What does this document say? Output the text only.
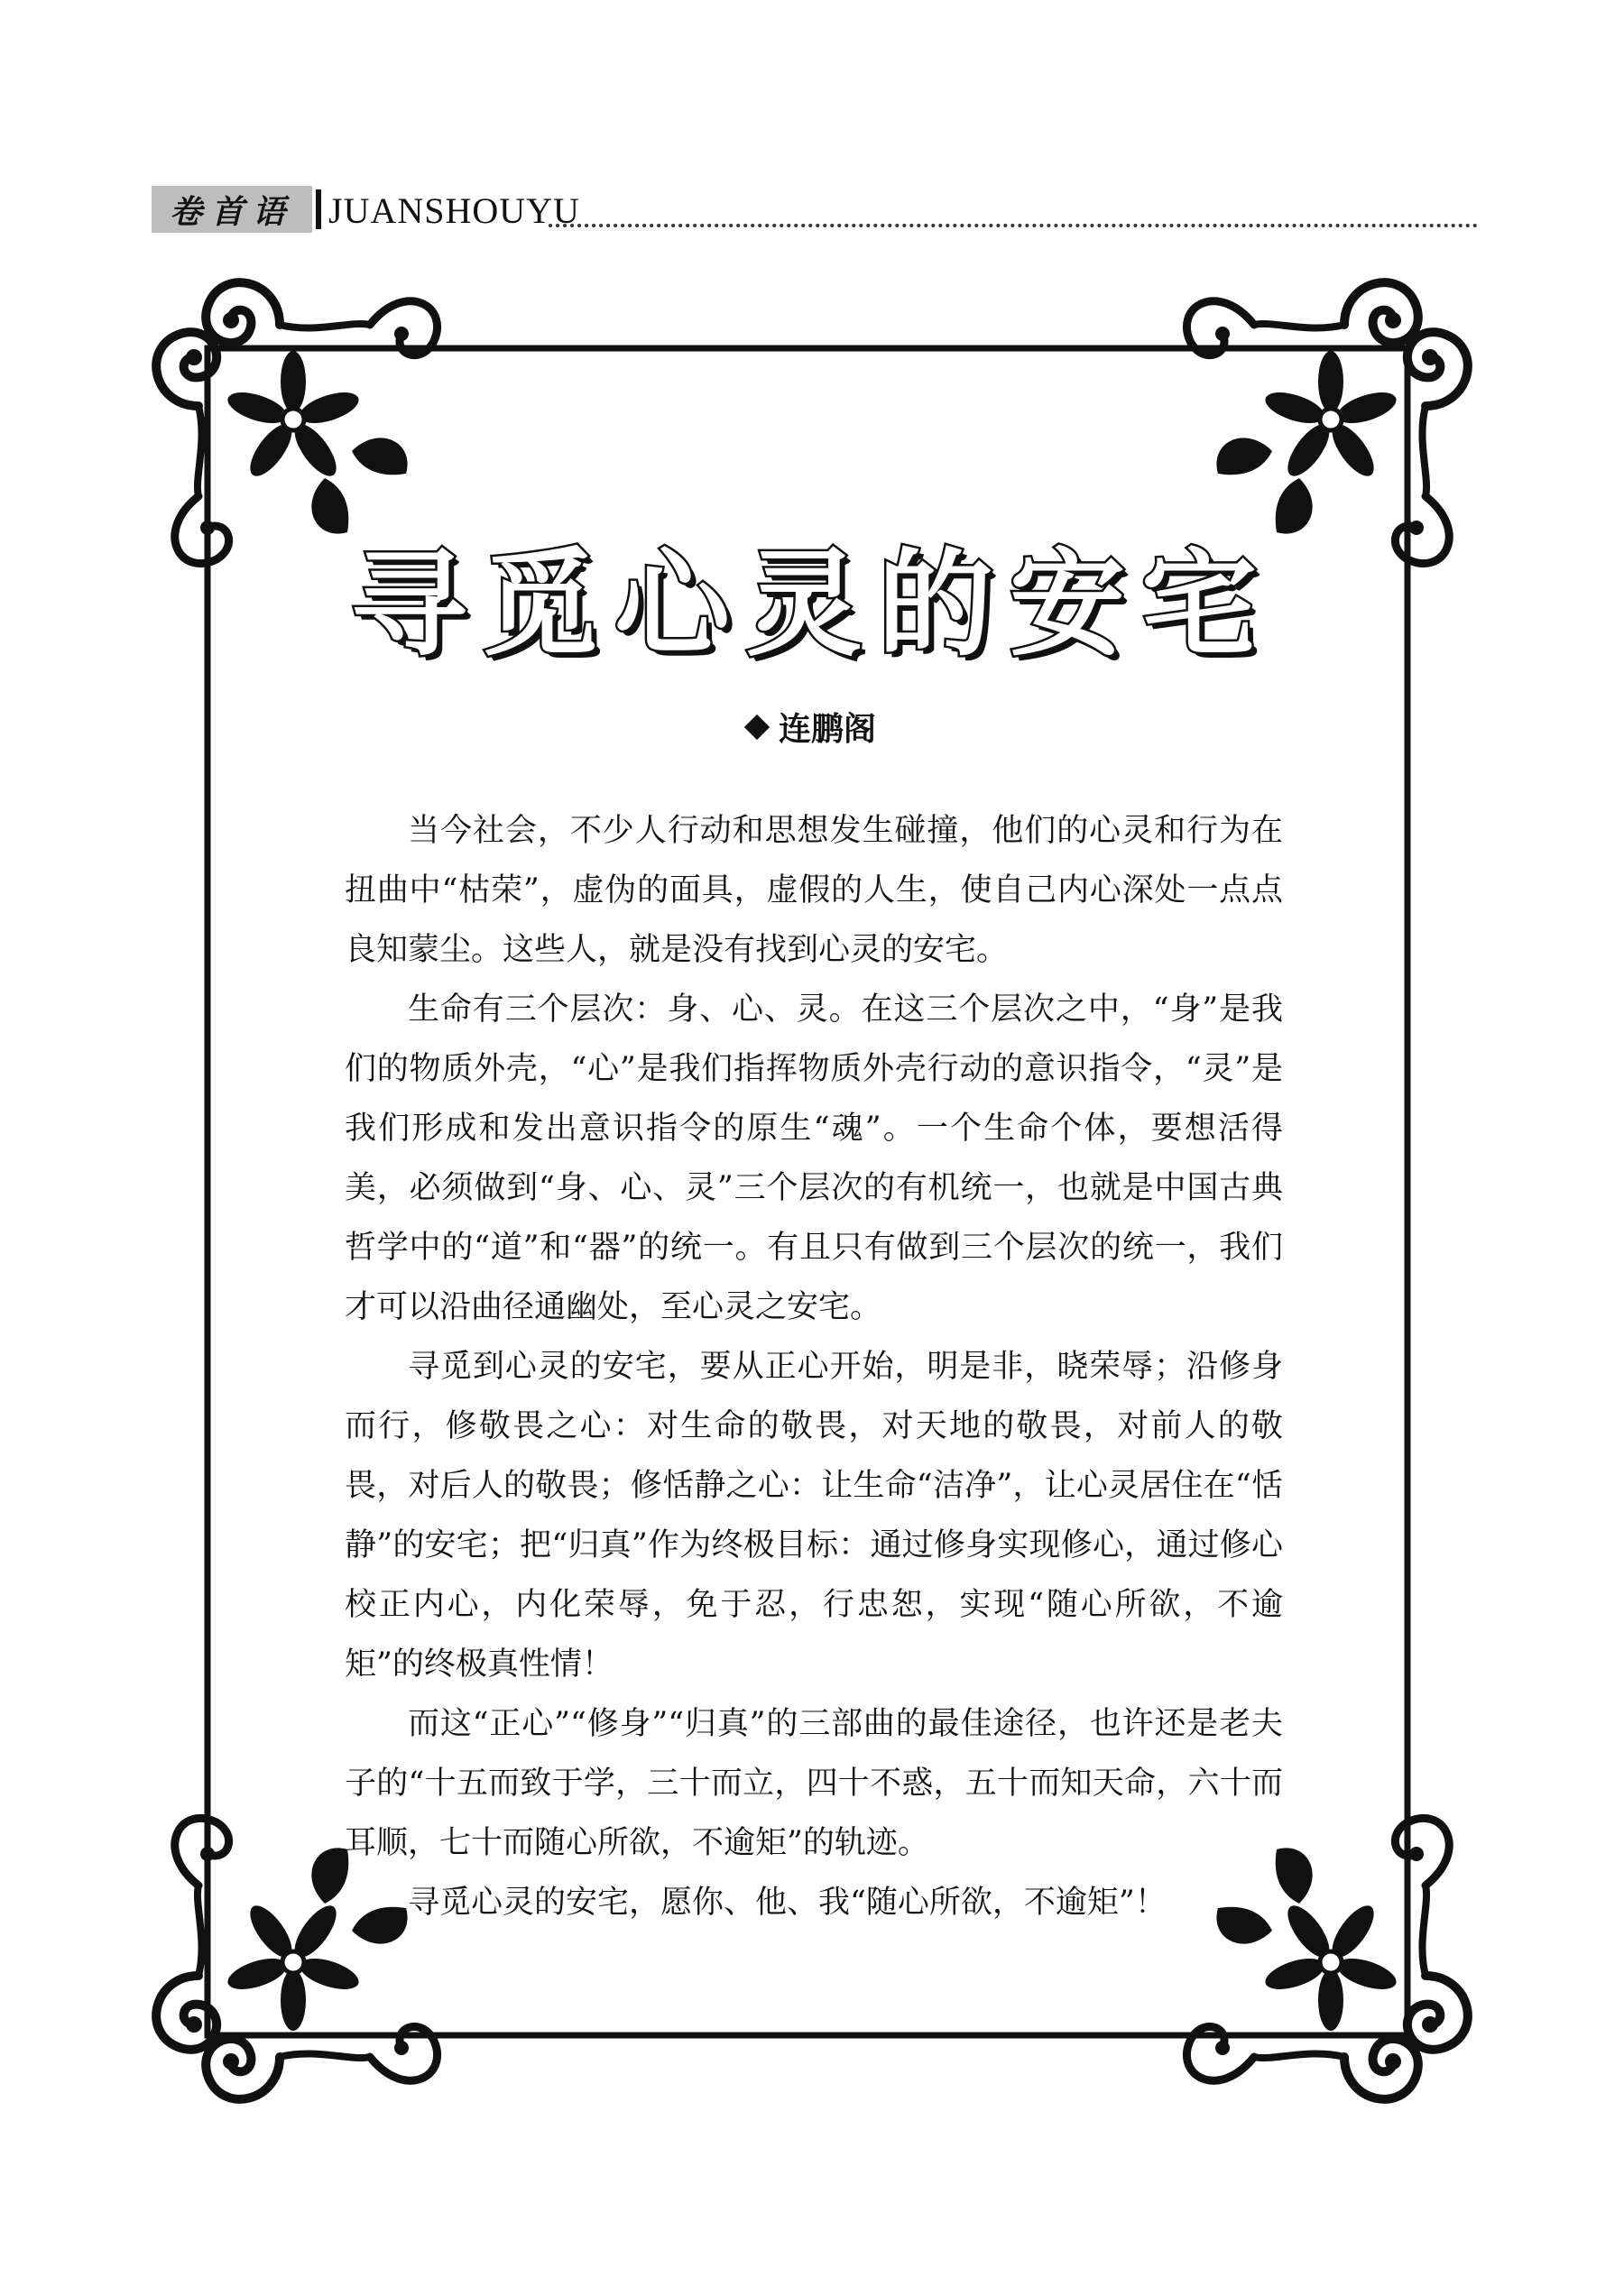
卷首语 JUANSHOUYU
寻觅心灵的安宅
连鹏阁

当今社会，不少人行动和思想发生碰撞，他们的心灵和行为在扭曲中“枯荣”，虚伪的面具，虚假的人生，使自己内心深处一点点良知蒙尘。这些人，就是没有找到心灵的安宅。

生命有三个层次：身、心、灵。在这三个层次之中，“身”是我们的物质外壳，“心”是我们指挥物质外壳行动的意识指令，“灵”是我们形成和发出意识指令的原生“魂”。一个生命个体，要想活得美，必须做到“身、心、灵”三个层次的有机统一，也就是中国古典哲学中的“道”和“器”的统一。有且只有做到三个层次的统一，我们才可以沿曲径通幽处，至心灵之安宅。

寻觅到心灵的安宅，要从正心开始，明是非，晓荣辱；沿修身而行，修敬畏之心：对生命的敬畏，对天地的敬畏，对前人的敬畏，对后人的敬畏；修恬静之心：让生命“洁净”，让心灵居住在“恬静”的安宅；把“归真”作为终极目标：通过修身实现修心，通过修心校正内心，内化荣辱，免于忍，行忠恕，实现“随心所欲，不逾矩”的终极真性情！

而这“正心”“修身”“归真”的三部曲的最佳途径，也许还是老夫子的“十五而致于学，三十而立，四十不惑，五十而知天命，六十而耳顺，七十而随心所欲，不逾矩”的轨迹。

寻觅心灵的安宅，愿你、他、我“随心所欲，不逾矩”！
